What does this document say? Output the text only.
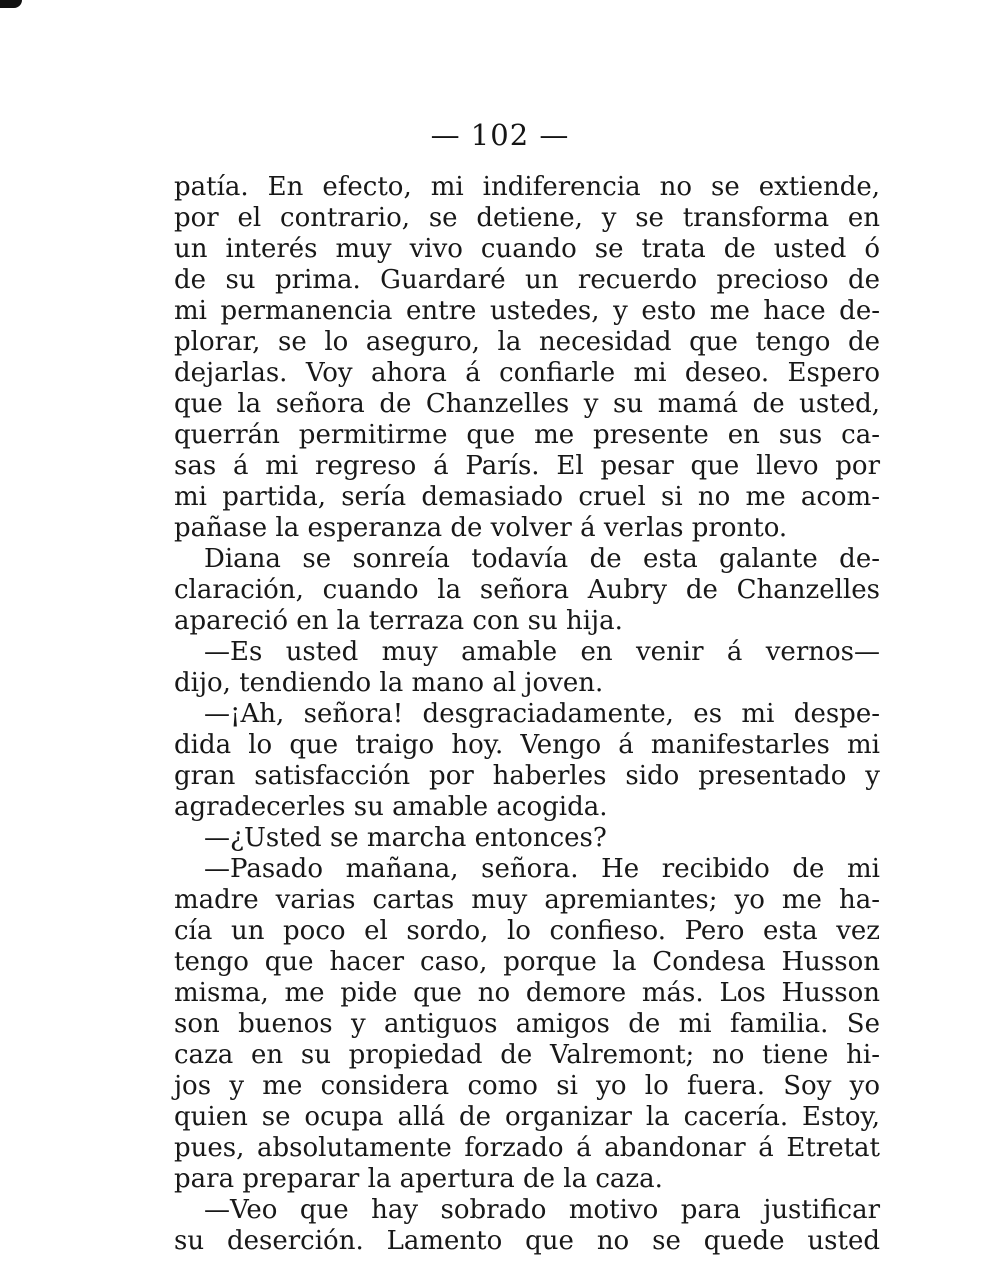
— 102 —
patía. En efecto, mi indiferencia no se extiende,
por el contrario, se detiene, y se transforma en
un interés muy vivo cuando se trata de usted ó
de su prima. Guardaré un recuerdo precioso de
mi permanencia entre ustedes, y esto me hace de-
plorar, se lo aseguro, la necesidad que tengo de
dejarlas. Voy ahora á confiarle mi deseo. Espero
que la señora de Chanzelles y su mamá de usted,
querrán permitirme que me presente en sus ca-
sas á mi regreso á París. El pesar que llevo por
mi partida, sería demasiado cruel si no me acom-
pañase la esperanza de volver á verlas pronto.
Diana se sonreía todavía de esta galante de-
claración, cuando la señora Aubry de Chanzelles
apareció en la terraza con su hija.
—Es usted muy amable en venir á vernos—
dijo, tendiendo la mano al joven.
—¡Ah, señora! desgraciadamente, es mi despe-
dida lo que traigo hoy. Vengo á manifestarles mi
gran satisfacción por haberles sido presentado y
agradecerles su amable acogida.
—¿Usted se marcha entonces?
—Pasado mañana, señora. He recibido de mi
madre varias cartas muy apremiantes; yo me ha-
cía un poco el sordo, lo confieso. Pero esta vez
tengo que hacer caso, porque la Condesa Husson
misma, me pide que no demore más. Los Husson
son buenos y antiguos amigos de mi familia. Se
caza en su propiedad de Valremont; no tiene hi-
jos y me considera como si yo lo fuera. Soy yo
quien se ocupa allá de organizar la cacería. Estoy,
pues, absolutamente forzado á abandonar á Etretat
para preparar la apertura de la caza.
—Veo que hay sobrado motivo para justificar
su deserción. Lamento que no se quede usted
